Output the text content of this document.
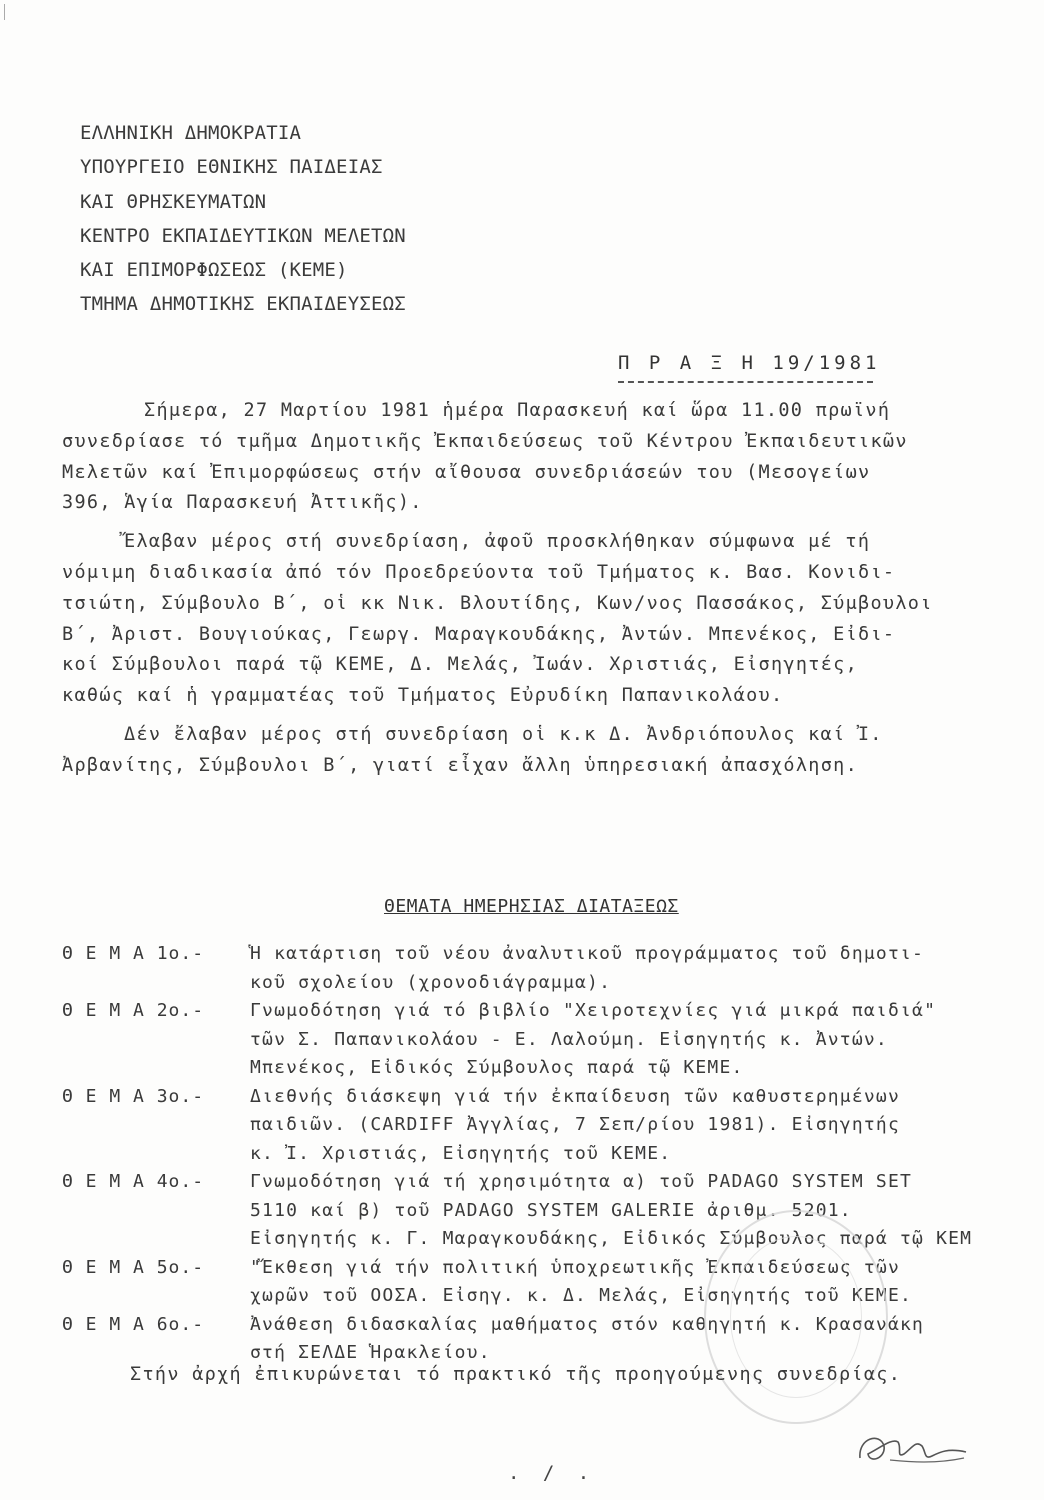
ΕΛΛΗΝΙΚΗ ΔΗΜΟΚΡΑΤΙΑ
ΥΠΟΥΡΓΕΙΟ ΕΘΝΙΚΗΣ ΠΑΙΔΕΙΑΣ
ΚΑΙ ΘΡΗΣΚΕΥΜΑΤΩΝ
ΚΕΝΤΡΟ ΕΚΠΑΙΔΕΥΤΙΚΩΝ ΜΕΛΕΤΩΝ
ΚΑΙ ΕΠΙΜΟΡΦΩΣΕΩΣ (ΚΕΜΕ)
ΤΜΗΜΑ ΔΗΜΟΤΙΚΗΣ ΕΚΠΑΙΔΕΥΣΕΩΣ
Π Ρ Α Ξ Η 19/1981
Σήμερα, 27 Μαρτίου 1981 ἡμέρα Παρασκευή καί ὥρα 11.00 πρωϊνή
συνεδρίασε τό τμῆμα Δημοτικῆς Ἐκπαιδεύσεως τοῦ Κέντρου Ἐκπαιδευτικῶν
Μελετῶν καί Ἐπιμορφώσεως στήν αἴθουσα συνεδριάσεών του (Μεσογείων
396, Ἁγία Παρασκευή Ἀττικῆς).
Ἔλαβαν μέρος στή συνεδρίαση, ἀφοῦ προσκλήθηκαν σύμφωνα μέ τή
νόμιμη διαδικασία ἀπό τόν Προεδρεύοντα τοῦ Τμήματος κ. Βασ. Κονιδι-
τσιώτη, Σύμβουλο Β΄, οἱ κκ Νικ. Βλουτίδης, Κων/νος Πασσάκος, Σύμβουλοι
Β΄, Ἀριστ. Βουγιούκας, Γεωργ. Μαραγκουδάκης, Ἀντών. Μπενέκος, Εἰδι-
κοί Σύμβουλοι παρά τῷ ΚΕΜΕ, Δ. Μελάς, Ἰωάν. Χριστιάς, Εἰσηγητές,
καθώς καί ἡ γραμματέας τοῦ Τμήματος Εὐρυδίκη Παπανικολάου.
Δέν ἔλαβαν μέρος στή συνεδρίαση οἱ κ.κ Δ. Ἀνδριόπουλος καί Ἰ.
Ἀρβανίτης, Σύμβουλοι Β΄, γιατί εἶχαν ἄλλη ὑπηρεσιακή ἀπασχόληση.
ΘΕΜΑΤΑ ΗΜΕΡΗΣΙΑΣ ΔΙΑΤΑΞΕΩΣ
Θ Ε Μ Α 1ο.-	Ἡ κατάρτιση τοῦ νέου ἀναλυτικοῦ προγράμματος τοῦ δημοτι-
κοῦ σχολείου (χρονοδιάγραμμα).
Θ Ε Μ Α 2ο.-	Γνωμοδότηση γιά τό βιβλίο "Χειροτεχνίες γιά μικρά παιδιά"
τῶν Σ. Παπανικολάου - Ε. Λαλούμη. Εἰσηγητής κ. Ἀντών.
Μπενέκος, Εἰδικός Σύμβουλος παρά τῷ ΚΕΜΕ.
Θ Ε Μ Α 3ο.-	Διεθνής διάσκεψη γιά τήν ἐκπαίδευση τῶν καθυστερημένων
παιδιῶν. (CARDIFF Ἀγγλίας, 7 Σεπ/ρίου 1981). Εἰσηγητής
κ. Ἰ. Χριστιάς, Εἰσηγητής τοῦ ΚΕΜΕ.
Θ Ε Μ Α 4ο.-	Γνωμοδότηση γιά τή χρησιμότητα α) τοῦ PADAGO SYSTEM SET
5110 καί β) τοῦ PADAGO SYSTEM GALERIE ἀριθμ. 5201.
Εἰσηγητής κ. Γ. Μαραγκουδάκης, Εἰδικός Σύμβουλος παρά τῷ ΚΕΜ
Θ Ε Μ Α 5ο.-	"Ἔκθεση γιά τήν πολιτική ὑποχρεωτικῆς Ἐκπαιδεύσεως τῶν
χωρῶν τοῦ ΟΟΣΑ. Εἰσηγ. κ. Δ. Μελάς, Εἰσηγητής τοῦ ΚΕΜΕ.
Θ Ε Μ Α 6ο.-	Ἀνάθεση διδασκαλίας μαθήματος στόν καθηγητή κ. Κρασανάκη
στή ΣΕΛΔΕ Ἡρακλείου.
Στήν ἀρχή ἐπικυρώνεται τό πρακτικό τῆς προηγούμενης συνεδρίας.
. / .
